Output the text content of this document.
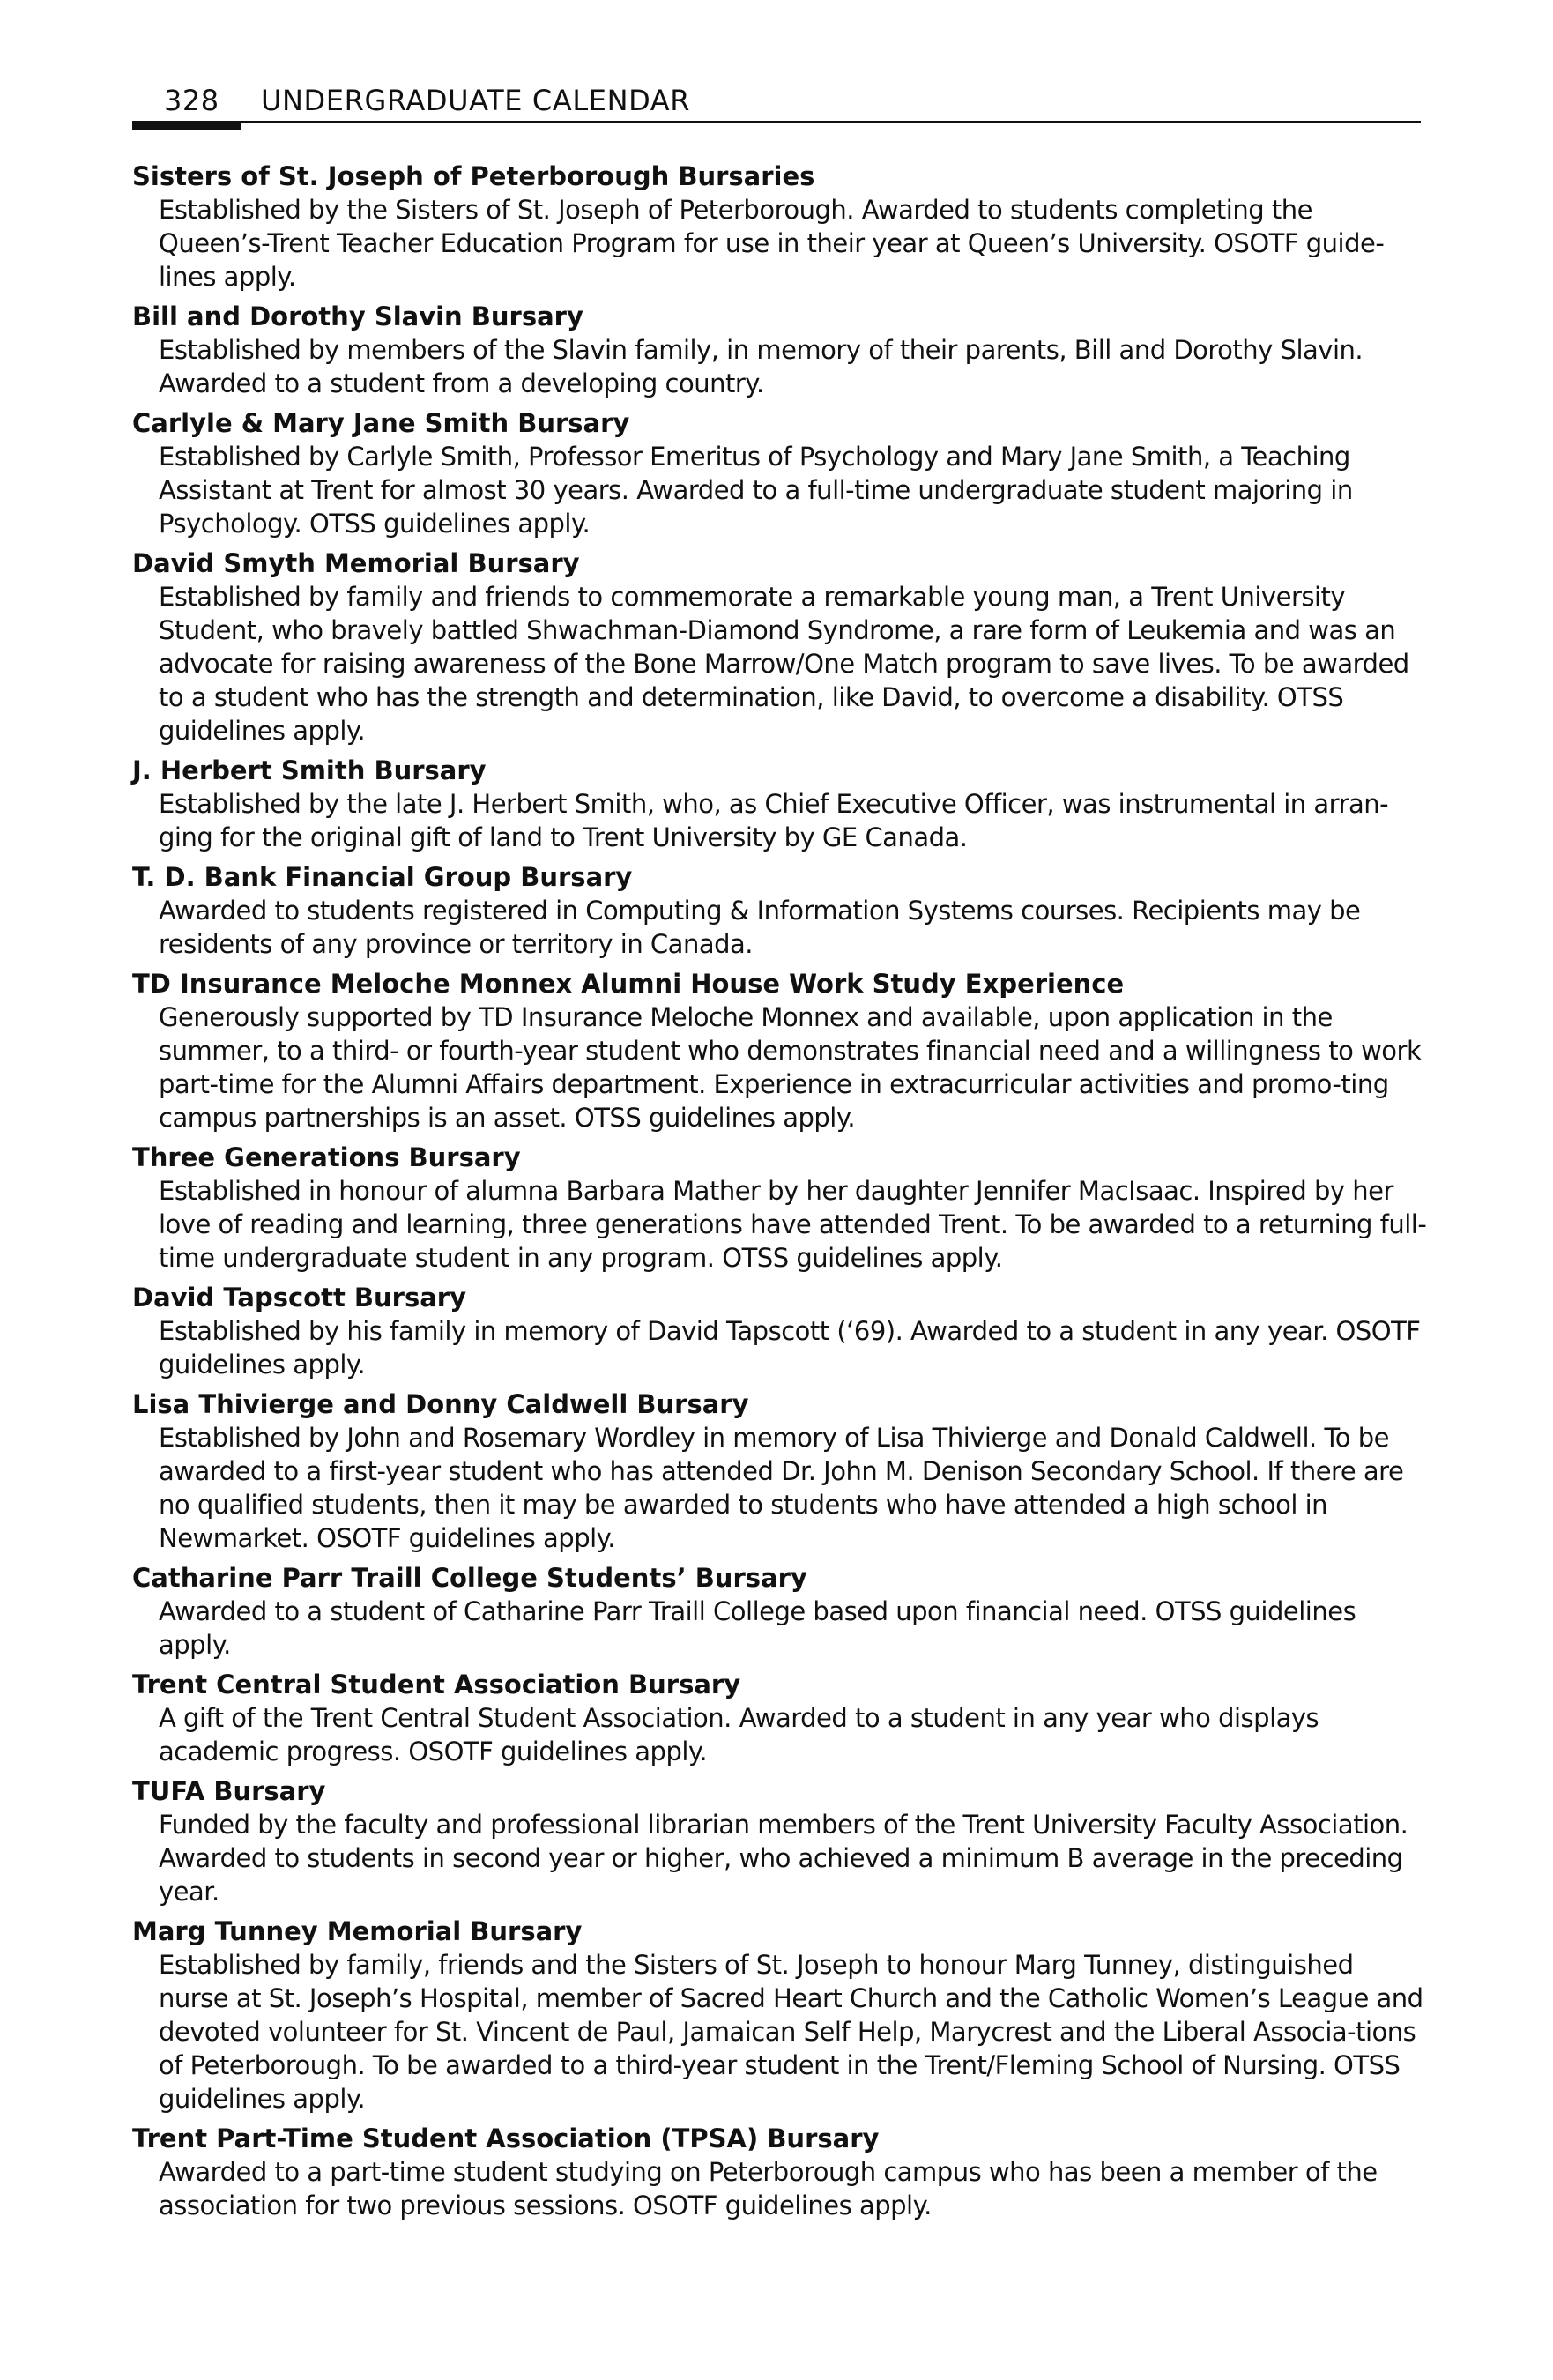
328 UNDERGRADUATE CALENDAR

Sisters of St. Joseph of Peterborough Bursaries

Established by the Sisters of St. Joseph of Peterborough. Awarded to students completing the Queen’s-Trent Teacher Education Program for use in their year at Queen’s University. OSOTF guide-lines apply.

Bill and Dorothy Slavin Bursary

Established by members of the Slavin family, in memory of their parents, Bill and Dorothy Slavin. Awarded to a student from a developing country.

Carlyle & Mary Jane Smith Bursary

Established by Carlyle Smith, Professor Emeritus of Psychology and Mary Jane Smith, a Teaching Assistant at Trent for almost 30 years. Awarded to a full-time undergraduate student majoring in Psychology. OTSS guidelines apply.

David Smyth Memorial Bursary

Established by family and friends to commemorate a remarkable young man, a Trent University Student, who bravely battled Shwachman-Diamond Syndrome, a rare form of Leukemia and was an advocate for raising awareness of the Bone Marrow/One Match program to save lives. To be awarded to a student who has the strength and determination, like David, to overcome a disability. OTSS guidelines apply.

J. Herbert Smith Bursary

Established by the late J. Herbert Smith, who, as Chief Executive Officer, was instrumental in arran-ging for the original gift of land to Trent University by GE Canada.

T. D. Bank Financial Group Bursary

Awarded to students registered in Computing & Information Systems courses. Recipients may be residents of any province or territory in Canada.

TD Insurance Meloche Monnex Alumni House Work Study Experience

Generously supported by TD Insurance Meloche Monnex and available, upon application in the summer, to a third- or fourth-year student who demonstrates financial need and a willingness to work part-time for the Alumni Affairs department. Experience in extracurricular activities and promo-ting campus partnerships is an asset. OTSS guidelines apply.

Three Generations Bursary

Established in honour of alumna Barbara Mather by her daughter Jennifer MacIsaac. Inspired by her love of reading and learning, three generations have attended Trent. To be awarded to a returning full-time undergraduate student in any program. OTSS guidelines apply.

David Tapscott Bursary

Established by his family in memory of David Tapscott (‘69). Awarded to a student in any year. OSOTF guidelines apply.

Lisa Thivierge and Donny Caldwell Bursary

Established by John and Rosemary Wordley in memory of Lisa Thivierge and Donald Caldwell. To be awarded to a first-year student who has attended Dr. John M. Denison Secondary School. If there are no qualified students, then it may be awarded to students who have attended a high school in Newmarket. OSOTF guidelines apply.

Catharine Parr Traill College Students’ Bursary

Awarded to a student of Catharine Parr Traill College based upon financial need. OTSS guidelines apply.

Trent Central Student Association Bursary

A gift of the Trent Central Student Association. Awarded to a student in any year who displays academic progress. OSOTF guidelines apply.

TUFA Bursary

Funded by the faculty and professional librarian members of the Trent University Faculty Association. Awarded to students in second year or higher, who achieved a minimum B average in the preceding year.

Marg Tunney Memorial Bursary

Established by family, friends and the Sisters of St. Joseph to honour Marg Tunney, distinguished nurse at St. Joseph’s Hospital, member of Sacred Heart Church and the Catholic Women’s League and devoted volunteer for St. Vincent de Paul, Jamaican Self Help, Marycrest and the Liberal Associa-tions of Peterborough. To be awarded to a third-year student in the Trent/Fleming School of Nursing. OTSS guidelines apply.

Trent Part-Time Student Association (TPSA) Bursary

Awarded to a part-time student studying on Peterborough campus who has been a member of the association for two previous sessions. OSOTF guidelines apply.
